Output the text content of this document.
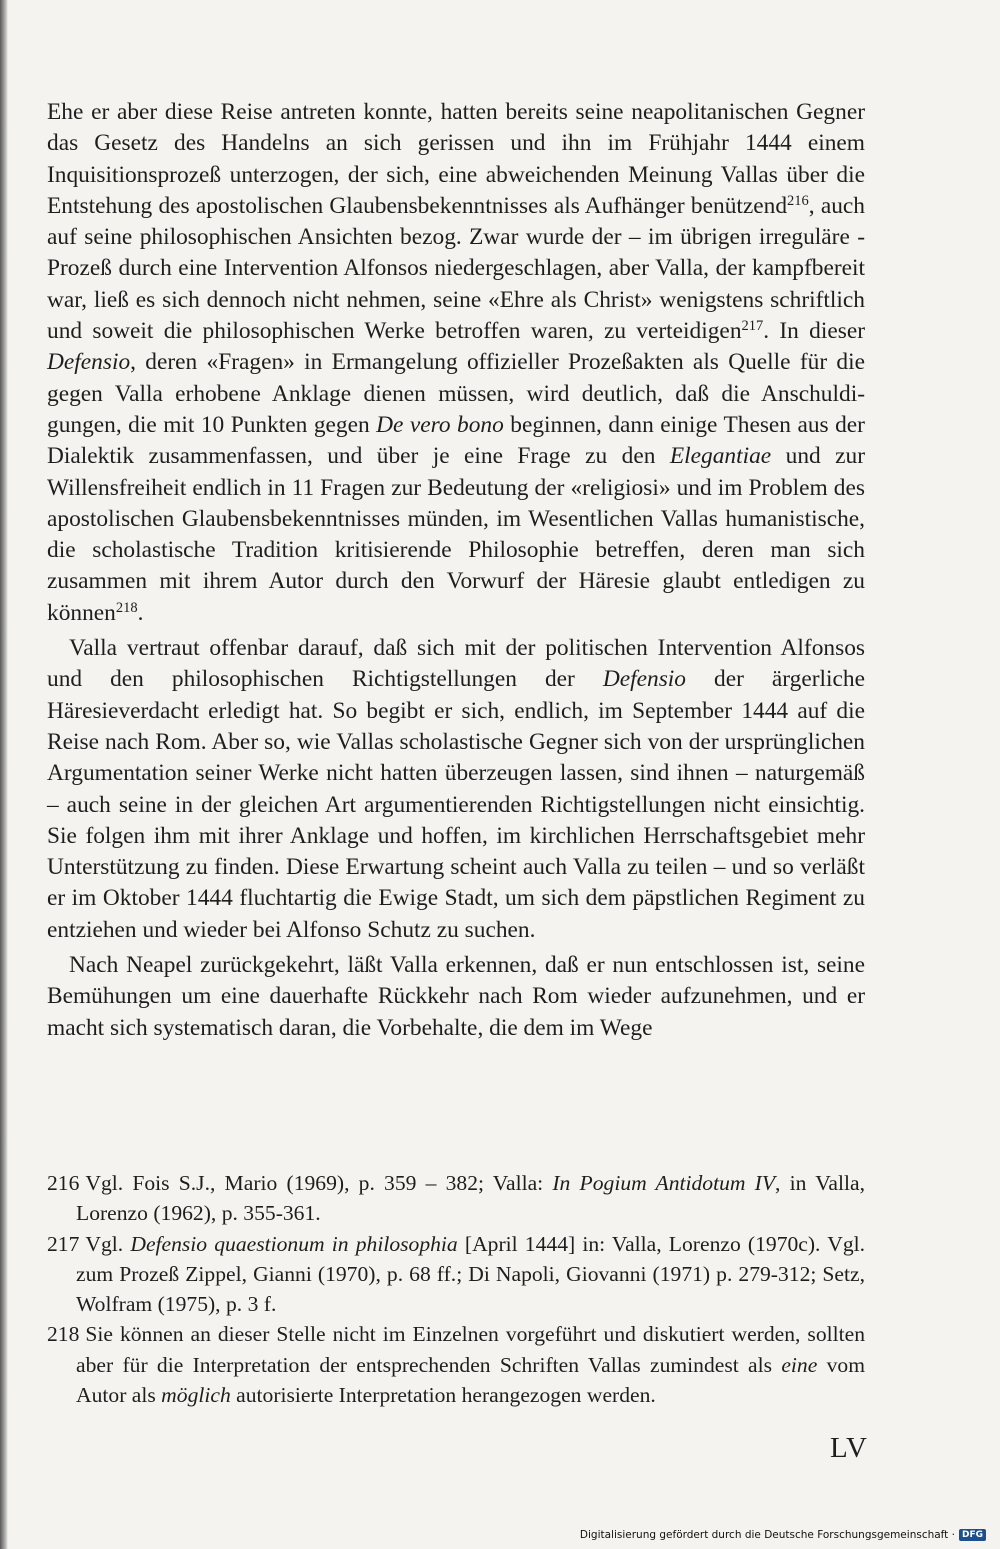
Ehe er aber diese Reise antreten konnte, hatten bereits seine neapolitanischen Gegner das Gesetz des Handelns an sich gerissen und ihn im Frühjahr 1444 einem Inquisitionsprozeß unterzogen, der sich, eine abweichenden Meinung Vallas über die Entstehung des apostolischen Glaubensbekenntnisses als Aufhänger benützend$^{216}$, auch auf seine philosophischen Ansichten bezog. Zwar wurde der – im übrigen irreguläre - Prozeß durch eine Intervention Alfonsos niedergeschlagen, aber Valla, der kampfbereit war, ließ es sich dennoch nicht nehmen, seine «Ehre als Christ» wenigstens schriftlich und soweit die philosophischen Werke betroffen waren, zu verteidigen$^{217}$. In dieser Defensio, deren «Fragen» in Ermangelung offizieller Prozeßakten als Quelle für die gegen Valla erhobene Anklage dienen müssen, wird deutlich, daß die Anschuldigungen, die mit 10 Punkten gegen De vero bono beginnen, dann einige Thesen aus der Dialektik zusammenfassen, und über je eine Frage zu den Elegantiae und zur Willensfreiheit endlich in 11 Fragen zur Bedeutung der «religiosi» und im Problem des apostolischen Glaubensbekenntnisses münden, im Wesentlichen Vallas humanistische, die scholastische Tradition kritisierende Philosophie betreffen, deren man sich zusammen mit ihrem Autor durch den Vorwurf der Häresie glaubt entledigen zu können$^{218}$.

Valla vertraut offenbar darauf, daß sich mit der politischen Intervention Alfonsos und den philosophischen Richtigstellungen der Defensio der ärgerliche Häresieverdacht erledigt hat. So begibt er sich, endlich, im September 1444 auf die Reise nach Rom. Aber so, wie Vallas scholastische Gegner sich von der ursprünglichen Argumentation seiner Werke nicht hatten überzeugen lassen, sind ihnen – naturgemäß – auch seine in der gleichen Art argumentierenden Richtigstellungen nicht einsichtig. Sie folgen ihm mit ihrer Anklage und hoffen, im kirchlichen Herrschaftsgebiet mehr Unterstützung zu finden. Diese Erwartung scheint auch Valla zu teilen – und so verläßt er im Oktober 1444 fluchtartig die Ewige Stadt, um sich dem päpstlichen Regiment zu entziehen und wieder bei Alfonso Schutz zu suchen.

Nach Neapel zurückgekehrt, läßt Valla erkennen, daß er nun entschlossen ist, seine Bemühungen um eine dauerhafte Rückkehr nach Rom wieder aufzunehmen, und er macht sich systematisch daran, die Vorbehalte, die dem im Wege

216 Vgl. Fois S.J., Mario (1969), p. 359 – 382; Valla: In Pogium Antidotum IV, in Valla, Lorenzo (1962), p. 355-361.

217 Vgl. Defensio quaestionum in philosophia [April 1444] in: Valla, Lorenzo (1970c). Vgl. zum Prozeß Zippel, Gianni (1970), p. 68 ff.; Di Napoli, Giovanni (1971) p. 279-312; Setz, Wolfram (1975), p. 3 f.

218 Sie können an dieser Stelle nicht im Einzelnen vorgeführt und diskutiert werden, sollten aber für die Interpretation der entsprechenden Schriften Vallas zumindest als eine vom Autor als möglich autorisierte Interpretation herangezogen werden.

LV
Digitalisierung gefördert durch die Deutsche Forschungsgemeinschaft · DFG
